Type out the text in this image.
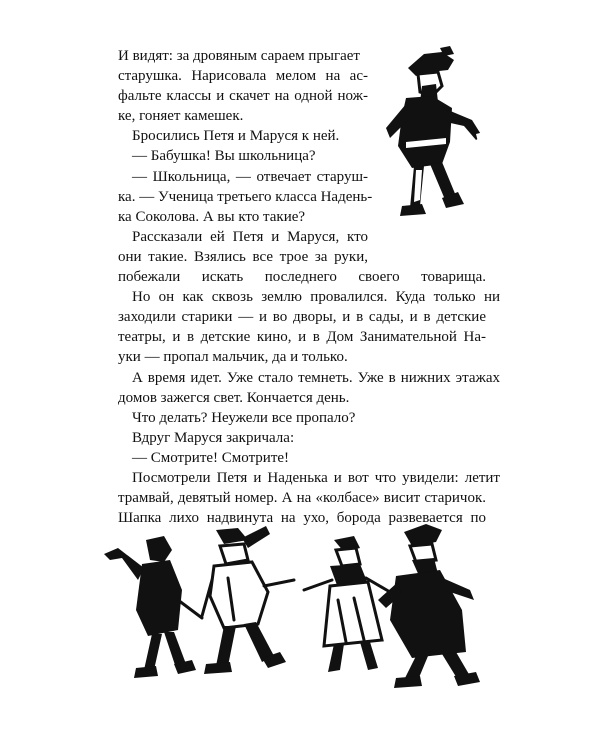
И видят: за дровяным сараем прыгает
старушка. Нарисовала мелом на ас-
фальте классы и скачет на одной нож-
ке, гоняет камешек.
Бросились Петя и Маруся к ней.
— Бабушка! Вы школьница?
— Школьница, — отвечает старуш-
ка. — Ученица третьего класса Надень-
ка Соколова. А вы кто такие?
Рассказали ей Петя и Маруся, кто
они такие. Взялись все трое за руки,
побежали искать последнего своего товарища.
Но он как сквозь землю провалился. Куда только ни
заходили старики — и во дворы, и в сады, и в детские
театры, и в детские кино, и в Дом Занимательной На-
уки — пропал мальчик, да и только.
А время идет. Уже стало темнеть. Уже в нижних этажах
домов зажегся свет. Кончается день.
Что делать? Неужели все пропало?
Вдруг Маруся закричала:
— Смотрите! Смотрите!
Посмотрели Петя и Наденька и вот что увидели: летит
трамвай, девятый номер. А на «колбасе» висит старичок.
Шапка лихо надвинута на ухо, борода развевается по
